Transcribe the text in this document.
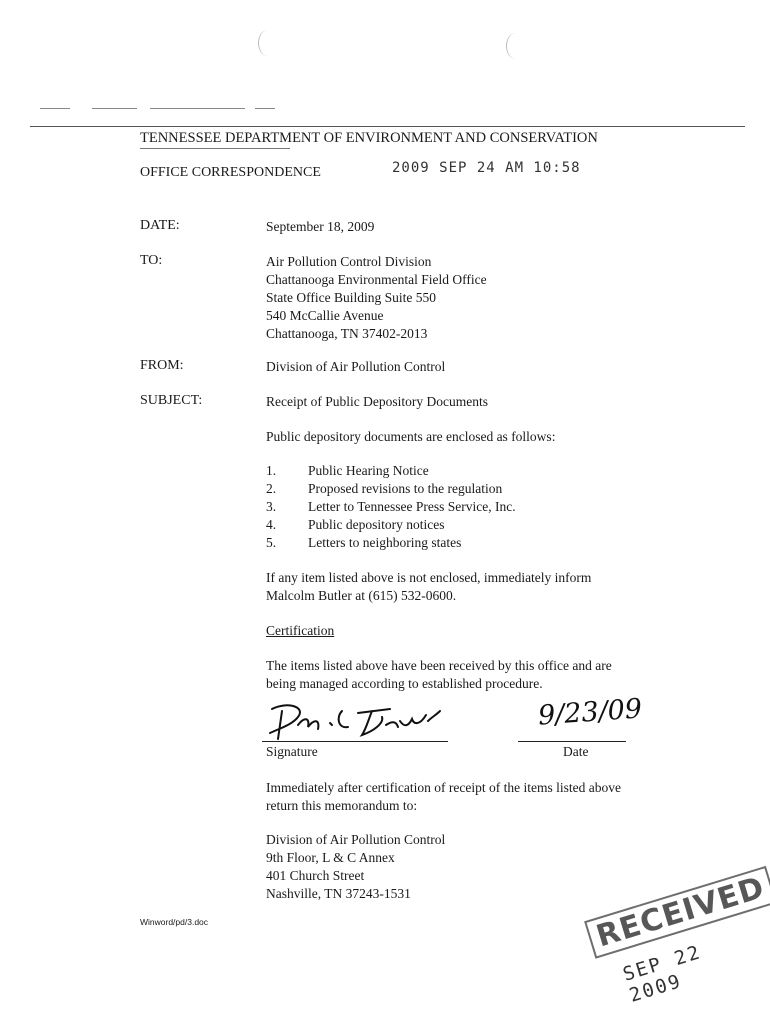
TENNESSEE DEPARTMENT OF ENVIRONMENT AND CONSERVATION
OFFICE CORRESPONDENCE	2009 SEP 24 AM 10:58
DATE:	September 18, 2009
TO:	Air Pollution Control Division
Chattanooga Environmental Field Office
State Office Building Suite 550
540 McCallie Avenue
Chattanooga, TN 37402-2013
FROM:	Division of Air Pollution Control
SUBJECT:	Receipt of Public Depository Documents
Public depository documents are enclosed as follows:
1. Public Hearing Notice
2. Proposed revisions to the regulation
3. Letter to Tennessee Press Service, Inc.
4. Public depository notices
5. Letters to neighboring states
If any item listed above is not enclosed, immediately inform
Malcolm Butler at (615) 532-0600.
Certification
The items listed above have been received by this office and are
being managed according to established procedure.
Signature
9/23/09
Date
Immediately after certification of receipt of the items listed above
return this memorandum to:
Division of Air Pollution Control
9th Floor, L & C Annex
401 Church Street
Nashville, TN 37243-1531
Winword/pd/3.doc	RECEIVED
SEP 22 2009
